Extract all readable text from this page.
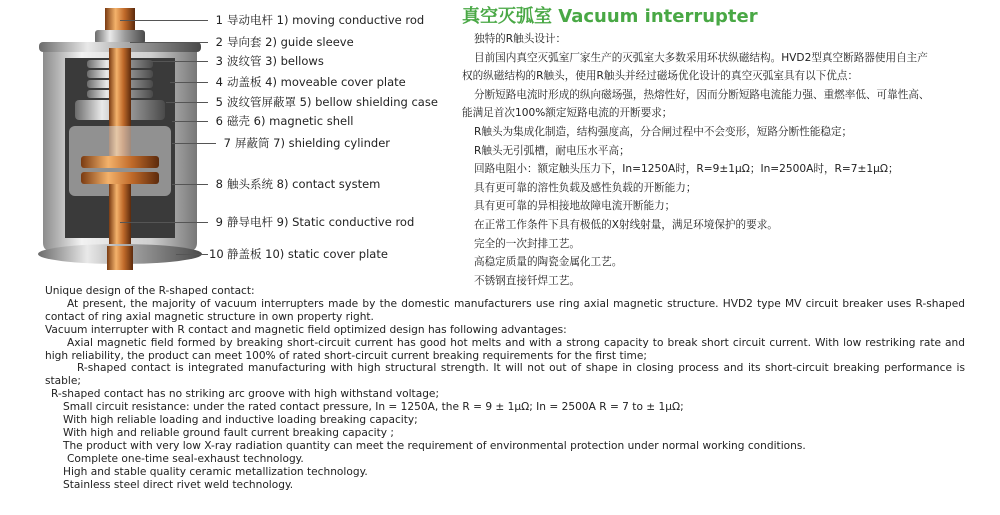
1 导动电杆 1) moving conductive rod
2 导向套 2) guide sleeve
3 波纹管 3) bellows
4 动盖板 4) moveable cover plate
5 波纹管屏蔽罩 5) bellow shielding case
6 磁壳 6) magnetic shell
7 屏蔽筒 7) shielding cylinder
8 触头系统 8) contact system
9 静导电杆 9) Static conductive rod
10 静盖板 10) static cover plate
真空灭弧室 Vacuum interrupter
独特的R触头设计：
目前国内真空灭弧室厂家生产的灭弧室大多数采用环状纵磁结构。HVD2型真空断路器使用自主产
权的纵磁结构的R触头，使用R触头并经过磁场优化设计的真空灭弧室具有以下优点：
分断短路电流时形成的纵向磁场强，热熔性好，因而分断短路电流能力强、重燃率低、可靠性高、
能满足首次100%额定短路电流的开断要求；
R触头为集成化制造，结构强度高，分合闸过程中不会变形，短路分断性能稳定；
R触头无引弧槽，耐电压水平高；
回路电阻小：额定触头压力下，In=1250A时，R=9±1μΩ；In=2500A时，R=7±1μΩ；
具有更可靠的溶性负载及感性负载的开断能力；
具有更可靠的异相接地故障电流开断能力；
在正常工作条件下具有极低的X射线射量，满足环境保护的要求。
完全的一次封排工艺。
高稳定质量的陶瓷金属化工艺。
不锈钢直接钎焊工艺。
Unique design of the R-shaped contact:
At present, the majority of vacuum interrupters made by the domestic manufacturers use ring axial magnetic structure. HVD2 type MV circuit breaker uses R-shaped contact of ring axial magnetic structure in own property right.
Vacuum interrupter with R contact and magnetic field optimized design has following advantages:
Axial magnetic field formed by breaking short-circuit current has good hot melts and with a strong capacity to break short circuit current. With low restriking rate and high reliability, the product can meet 100% of rated short-circuit current breaking requirements for the first time;
R-shaped contact is integrated manufacturing with high structural strength. It will not out of shape in closing process and its short-circuit breaking performance is stable;
R-shaped contact has no striking arc groove with high withstand voltage;
Small circuit resistance: under the rated contact pressure, In = 1250A, the R = 9 ± 1μΩ; In = 2500A R = 7 to ± 1μΩ;
With high reliable loading and inductive loading breaking capacity;
With high and reliable ground fault current breaking capacity ;
The product with very low X-ray radiation quantity can meet the requirement of environmental protection under normal working conditions.
Complete one-time seal-exhaust technology.
High and stable quality ceramic metallization technology.
Stainless steel direct rivet weld technology.
